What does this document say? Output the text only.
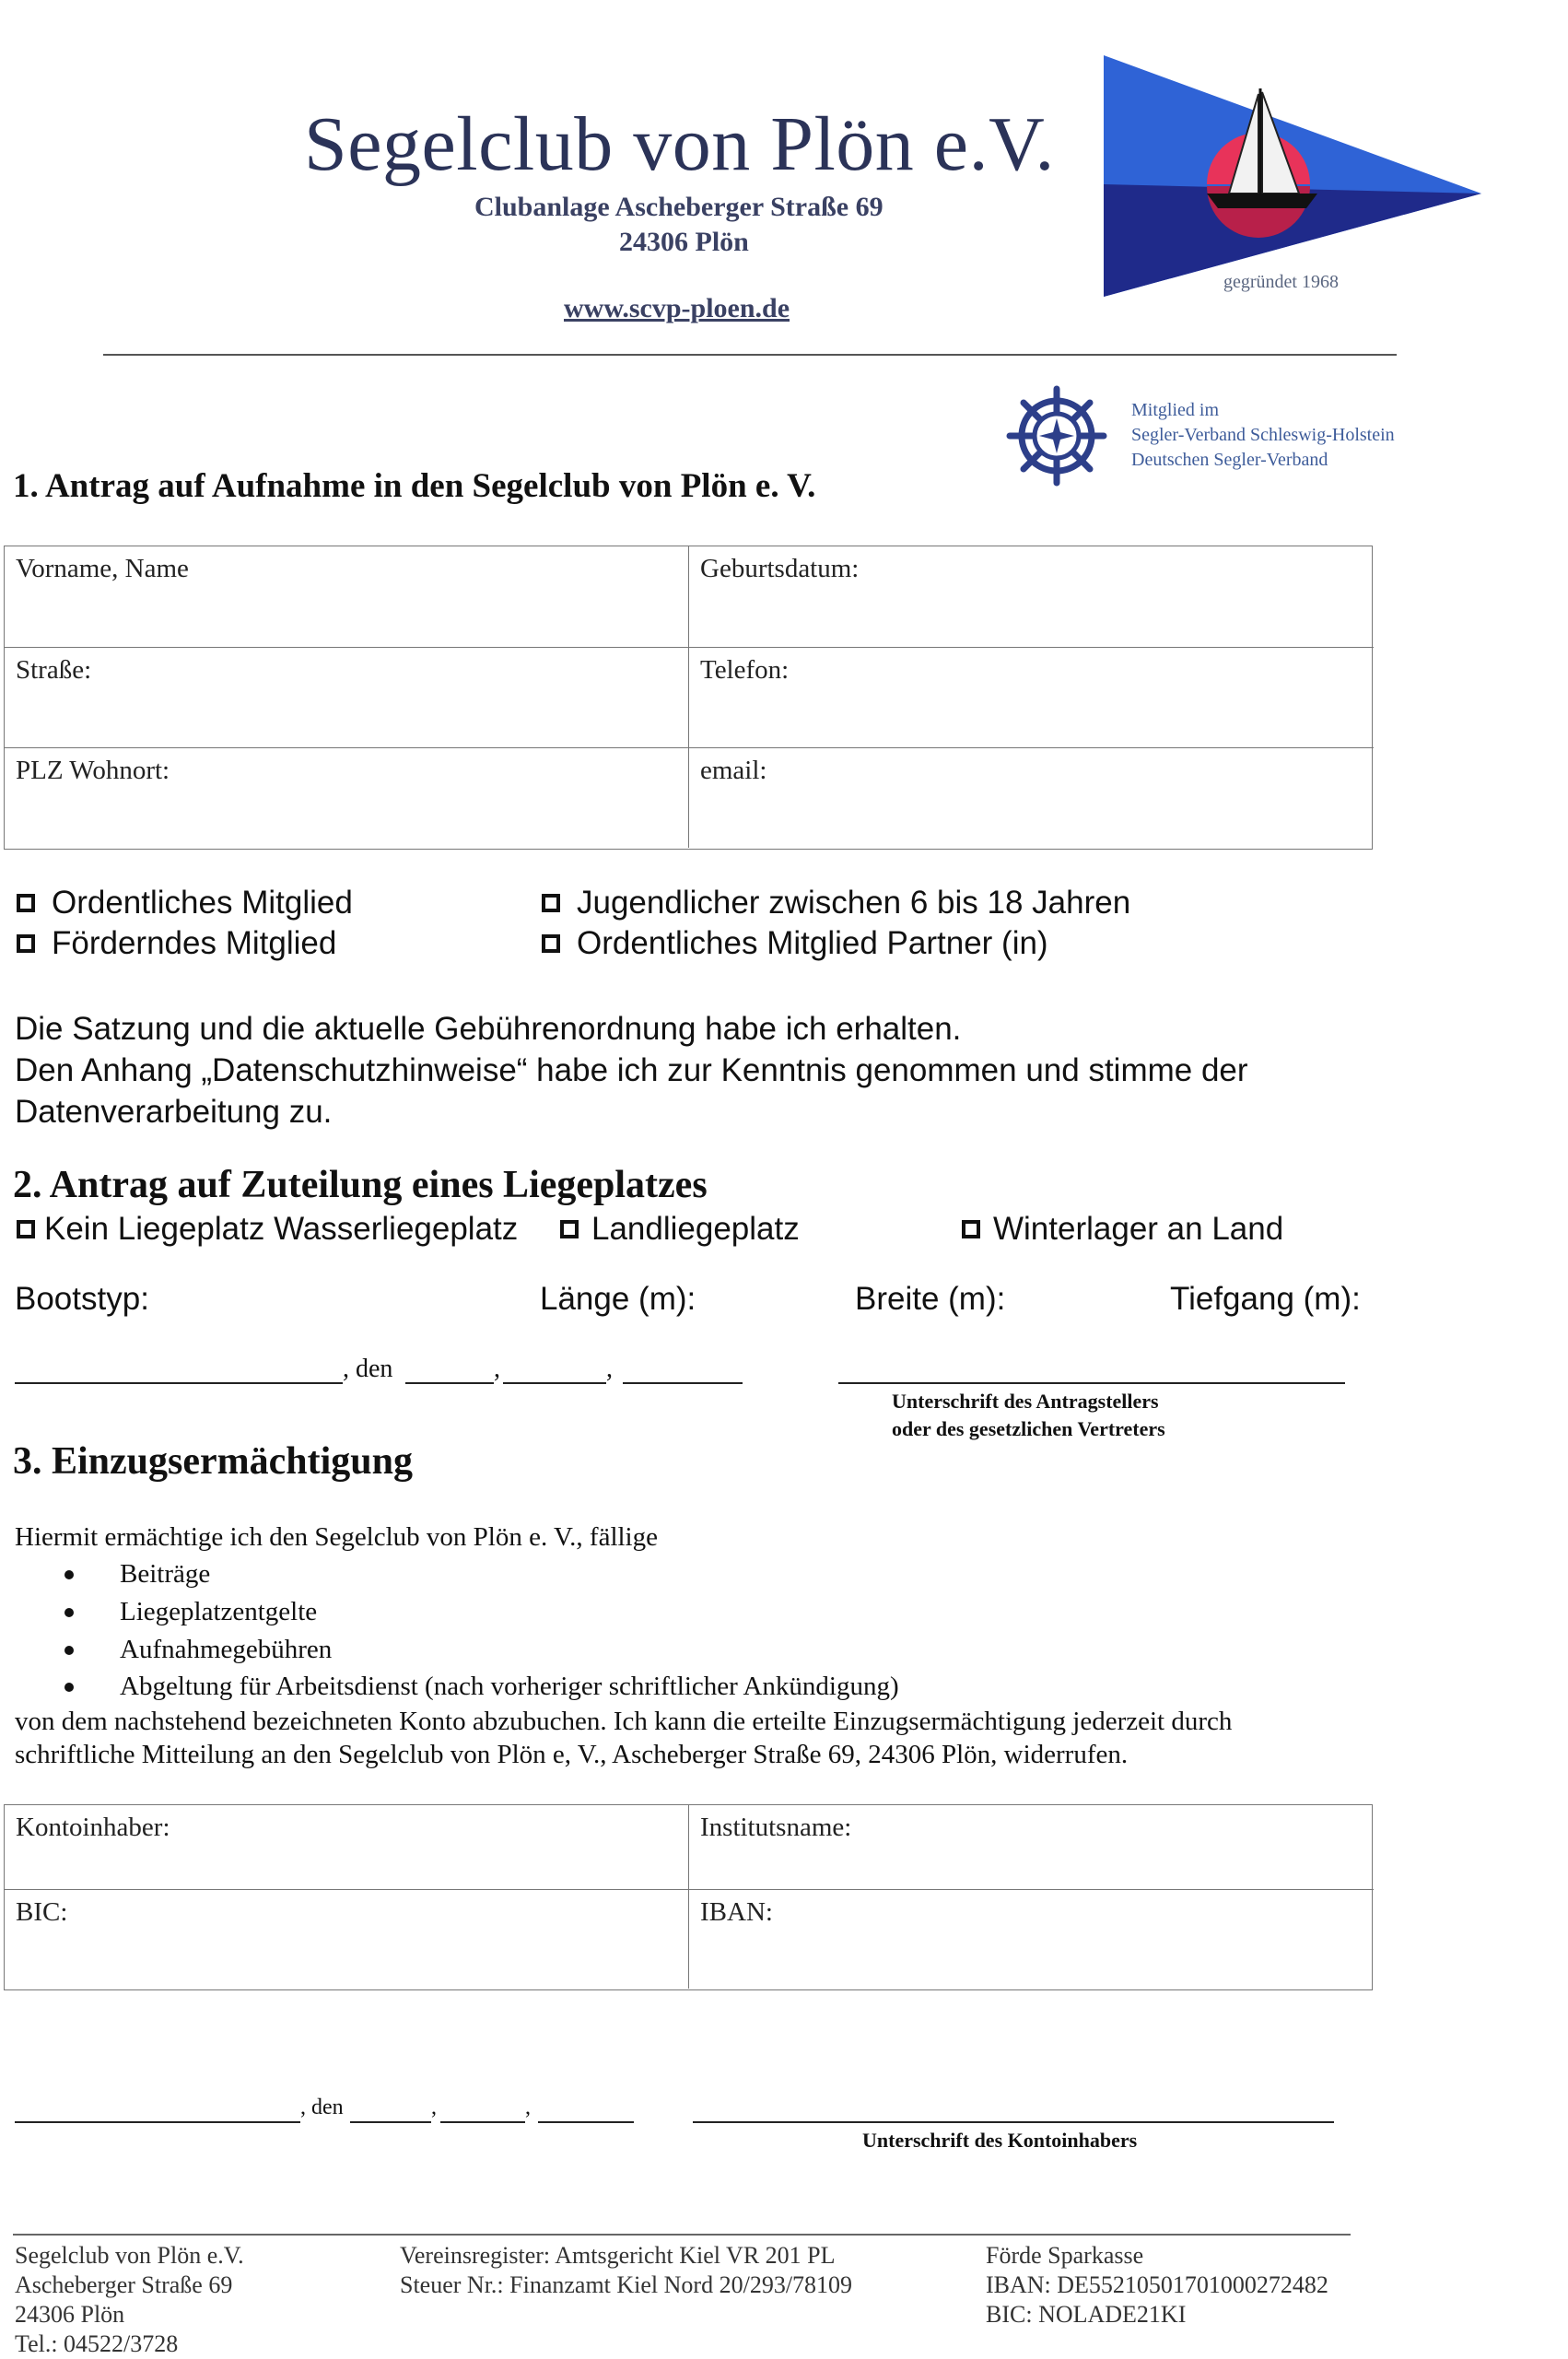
Segelclub von Plön e.V.
Clubanlage Ascheberger Straße 69
24306 Plön
www.scvp-ploen.de
gegründet 1968
Mitglied im
Segler-Verband Schleswig-Holstein
Deutschen Segler-Verband
1. Antrag auf Aufnahme in den Segelclub von Plön e. V.
Vorname, Name	Geburtsdatum:
Straße:	Telefon:
PLZ Wohnort:	email:
Ordentliches Mitglied	Jugendlicher zwischen 6 bis 18 Jahren
Förderndes Mitglied	Ordentliches Mitglied Partner (in)
Die Satzung und die aktuelle Gebührenordnung habe ich erhalten.
Den Anhang „Datenschutzhinweise“ habe ich zur Kenntnis genommen und stimme der
Datenverarbeitung zu.
2. Antrag auf Zuteilung eines Liegeplatzes
Kein Liegeplatz Wasserliegeplatz Landliegeplatz	Winterlager an Land
Bootstyp:	Länge (m):	Breite (m):	Tiefgang (m):
, den	,	,
Unterschrift des Antragstellers
oder des gesetzlichen Vertreters
3. Einzugsermächtigung
Hiermit ermächtige ich den Segelclub von Plön e. V., fällige
Beiträge
Liegeplatzentgelte
Aufnahmegebühren
Abgeltung für Arbeitsdienst (nach vorheriger schriftlicher Ankündigung)
von dem nachstehend bezeichneten Konto abzubuchen. Ich kann die erteilte Einzugsermächtigung jederzeit durch
schriftliche Mitteilung an den Segelclub von Plön e, V., Ascheberger Straße 69, 24306 Plön, widerrufen.
Kontoinhaber:	Institutsname:
BIC:	IBAN:
, den	,	,
Unterschrift des Kontoinhabers
Segelclub von Plön e.V.
Ascheberger Straße 69
24306 Plön
Tel.: 04522/3728
Vereinsregister: Amtsgericht Kiel VR 201 PL
Steuer Nr.: Finanzamt Kiel Nord 20/293/78109
Förde Sparkasse
IBAN: DE55210501701000272482
BIC: NOLADE21KI
